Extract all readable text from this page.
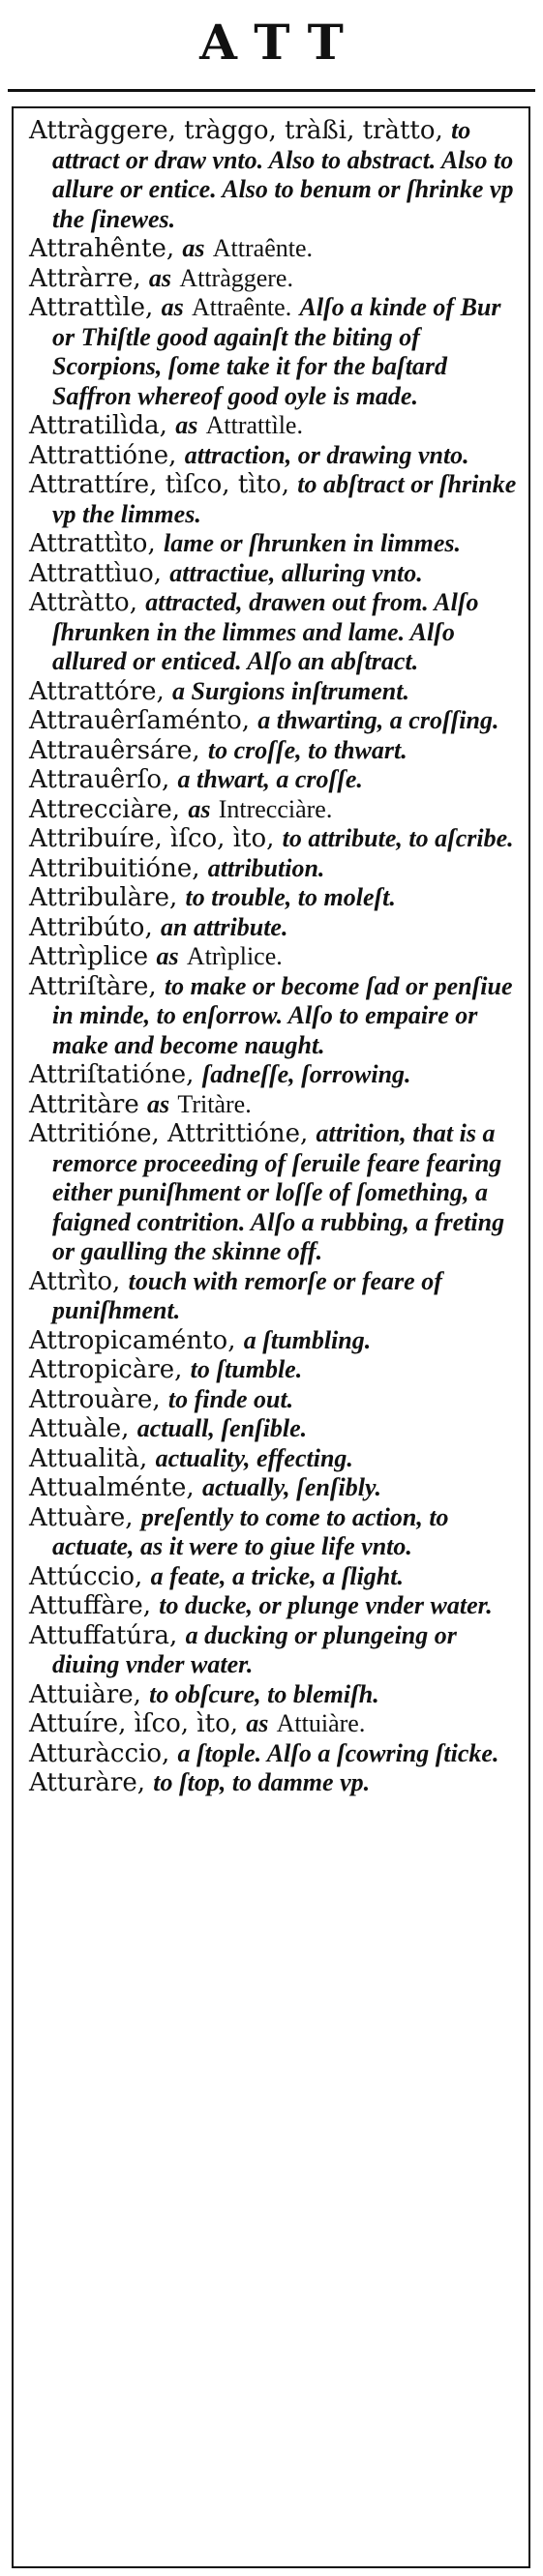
ATT

Attràggere, tràggo, tràßi, tràtto, to attract or draw vnto. Also to abstract. Also to allure or entice. Also to benum or ſhrinke vp the ſinewes.

Attrahênte, as Attraênte.

Attràrre, as Attràggere.

Attrattìle, as Attraênte. Alſo a kinde of Bur or Thiſtle good againſt the biting of Scorpions, ſome take it for the baſtard Saffron whereof good oyle is made.

Attratilìda, as Attrattìle.

Attrattióne, attraction, or drawing vnto.

Attrattíre, tìſco, tìto, to abſtract or ſhrinke vp the limmes.

Attrattìto, lame or ſhrunken in limmes.

Attrattìuo, attractiue, alluring vnto.

Attràtto, attracted, drawen out from. Alſo ſhrunken in the limmes and lame. Alſo allured or enticed. Alſo an abſtract.

Attrattóre, a Surgions inſtrument.

Attrauêrſaménto, a thwarting, a croſſing.

Attrauêrsáre, to croſſe, to thwart.

Attrauêrſo, a thwart, a croſſe.

Attrecciàre, as Intrecciàre.

Attribuíre, ìſco, ìto, to attribute, to aſcribe.

Attribuitióne, attribution.

Attribulàre, to trouble, to moleſt.

Attribúto, an attribute.

Attrìplice as Atrìplice.

Attriſtàre, to make or become ſad or penſiue in minde, to enſorrow. Alſo to empaire or make and become naught.

Attriſtatióne, ſadneſſe, ſorrowing.

Attritàre as Tritàre.

Attritióne, Attrittióne, attrition, that is a remorce proceeding of ſeruile feare fearing either puniſhment or loſſe of ſomething, a faigned contrition. Alſo a rubbing, a freting or gaulling the skinne off.

Attrìto, touch with remorſe or feare of puniſhment.

Attropicaménto, a ſtumbling.

Attropicàre, to ſtumble.

Attrouàre, to finde out.

Attuàle, actuall, ſenſible.

Attualità, actuality, effecting.

Attualménte, actually, ſenſibly.

Attuàre, preſently to come to action, to actuate, as it were to giue life vnto.

Attúccio, a feate, a tricke, a ſlight.

Attuffàre, to ducke, or plunge vnder water.

Attuffatúra, a ducking or plungeing or diuing vnder water.

Attuiàre, to obſcure, to blemiſh.

Attuíre, ìſco, ìto, as Attuiàre.

Atturàccio, a ſtople. Alſo a ſcowring ſticke.

Atturàre, to ſtop, to damme vp.
